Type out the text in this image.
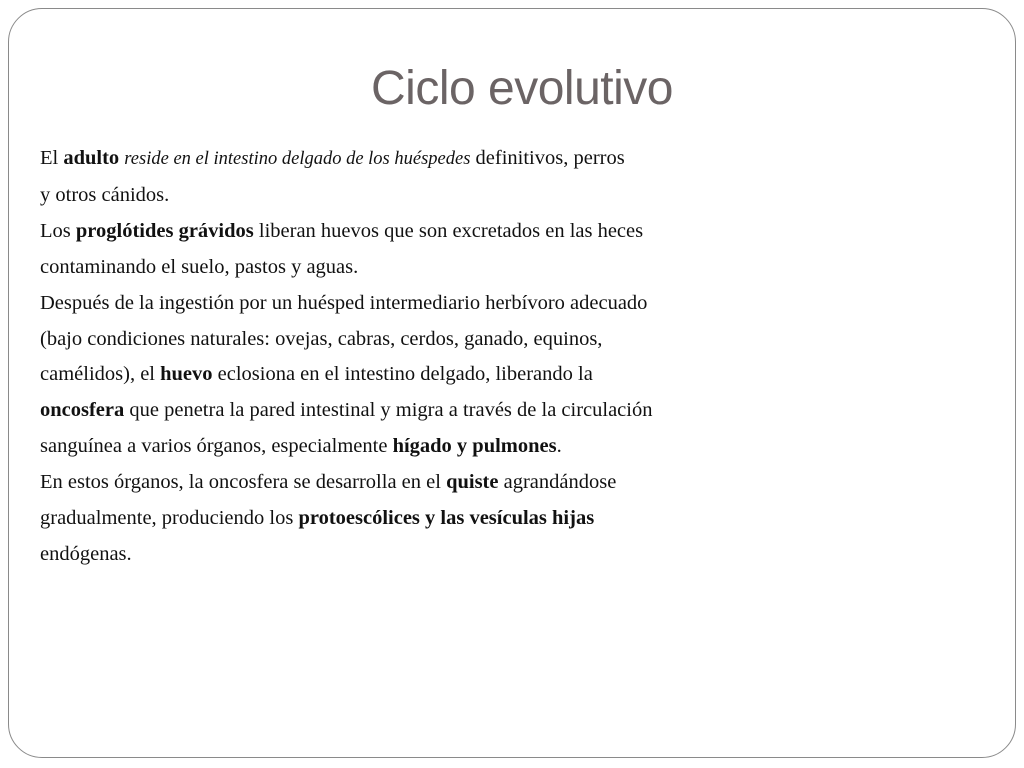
Ciclo evolutivo
El adulto reside en el intestino delgado de los huéspedes definitivos, perros
y otros cánidos.
Los proglótides grávidos liberan huevos que son excretados en las heces
contaminando el suelo, pastos y aguas.
Después de la ingestión por un huésped intermediario herbívoro adecuado
(bajo condiciones naturales: ovejas, cabras, cerdos, ganado, equinos,
camélidos), el huevo eclosiona en el intestino delgado, liberando la
oncosfera que penetra la pared intestinal y migra a través de la circulación
sanguínea a varios órganos, especialmente hígado y pulmones.
En estos órganos, la oncosfera se desarrolla en el quiste agrandándose
gradualmente, produciendo los protoescólices y las vesículas hijas
endógenas.
